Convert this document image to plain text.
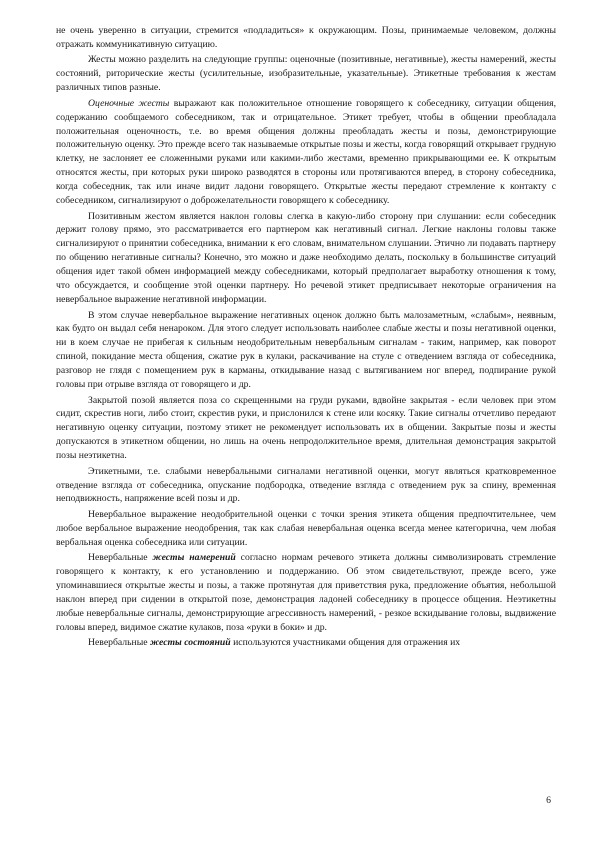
не очень уверенно в ситуации, стремится «подладиться» к окружающим. Позы, принимаемые человеком, должны отражать коммуникативную ситуацию.

Жесты можно разделить на следующие группы: оценочные (позитивные, негативные), жесты намерений, жесты состояний, риторические жесты (усилительные, изобразительные, указательные). Этикетные требования к жестам различных типов разные.

Оценочные жесты выражают как положительное отношение говорящего к собеседнику, ситуации общения, содержанию сообщаемого собеседником, так и отрицательное. Этикет требует, чтобы в общении преобладала положительная оценочность, т.е. во время общения должны преобладать жесты и позы, демонстрирующие положительную оценку. Это прежде всего так называемые открытые позы и жесты, когда говорящий открывает грудную клетку, не заслоняет ее сложенными руками или какими-либо жестами, временно прикрывающими ее. К открытым относятся жесты, при которых руки широко разводятся в стороны или протягиваются вперед, в сторону собеседника, когда собеседник, так или иначе видит ладони говорящего. Открытые жесты передают стремление к контакту с собеседником, сигнализируют о доброжелательности говорящего к собеседнику.

Позитивным жестом является наклон головы слегка в какую-либо сторону при слушании: если собеседник держит голову прямо, это рассматривается его партнером как негативный сигнал. Легкие наклоны головы также сигнализируют о принятии собеседника, внимании к его словам, внимательном слушании. Этично ли подавать партнеру по общению негативные сигналы? Конечно, это можно и даже необходимо делать, поскольку в большинстве ситуаций общения идет такой обмен информацией между собеседниками, который предполагает выработку отношения к тому, что обсуждается, и сообщение этой оценки партнеру. Но речевой этикет предписывает некоторые ограничения на невербальное выражение негативной информации.

В этом случае невербальное выражение негативных оценок должно быть малозаметным, «слабым», неявным, как будто он выдал себя ненароком. Для этого следует использовать наиболее слабые жесты и позы негативной оценки, ни в коем случае не прибегая к сильным неодобрительным невербальным сигналам - таким, например, как поворот спиной, покидание места общения, сжатие рук в кулаки, раскачивание на стуле с отведением взгляда от собеседника, разговор не глядя с помещением рук в карманы, откидывание назад с вытягиванием ног вперед, подпирание рукой головы при отрыве взгляда от говорящего и др.

Закрытой позой является поза со скрещенными на груди руками, вдвойне закрытая - если человек при этом сидит, скрестив ноги, либо стоит, скрестив руки, и прислонился к стене или косяку. Такие сигналы отчетливо передают негативную оценку ситуации, поэтому этикет не рекомендует использовать их в общении. Закрытые позы и жесты допускаются в этикетном общении, но лишь на очень непродолжительное время, длительная демонстрация закрытой позы неэтикетна.

Этикетными, т.е. слабыми невербальными сигналами негативной оценки, могут являться кратковременное отведение взгляда от собеседника, опускание подбородка, отведение взгляда с отведением рук за спину, временная неподвижность, напряжение всей позы и др.

Невербальное выражение неодобрительной оценки с точки зрения этикета общения предпочтительнее, чем любое вербальное выражение неодобрения, так как слабая невербальная оценка всегда менее категорична, чем любая вербальная оценка собеседника или ситуации.

Невербальные жесты намерений согласно нормам речевого этикета должны символизировать стремление говорящего к контакту, к его установлению и поддержанию. Об этом свидетельствуют, прежде всего, уже упоминавшиеся открытые жесты и позы, а также протянутая для приветствия рука, предложение объятия, небольшой наклон вперед при сидении в открытой позе, демонстрация ладоней собеседнику в процессе общения. Неэтикетны любые невербальные сигналы, демонстрирующие агрессивность намерений, - резкое вскидывание головы, выдвижение головы вперед, видимое сжатие кулаков, поза «руки в боки» и др.

Невербальные жесты состояний используются участниками общения для отражения их

6
